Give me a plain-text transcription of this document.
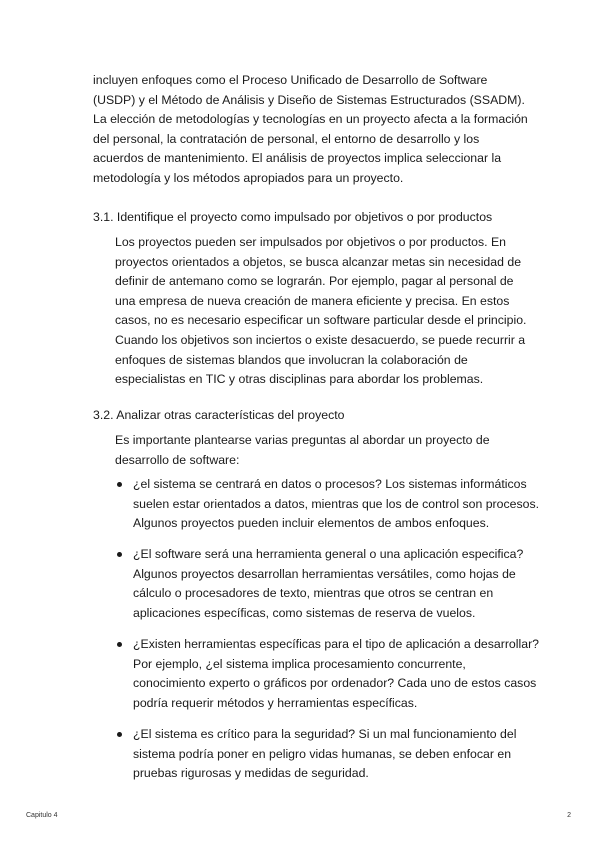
incluyen enfoques como el Proceso Unificado de Desarrollo de Software (USDP) y el Método de Análisis y Diseño de Sistemas Estructurados (SSADM). La elección de metodologías y tecnologías en un proyecto afecta a la formación del personal, la contratación de personal, el entorno de desarrollo y los acuerdos de mantenimiento. El análisis de proyectos implica seleccionar la metodología y los métodos apropiados para un proyecto.

3.1. Identifique el proyecto como impulsado por objetivos o por productos

Los proyectos pueden ser impulsados por objetivos o por productos. En proyectos orientados a objetos, se busca alcanzar metas sin necesidad de definir de antemano como se lograrán. Por ejemplo, pagar al personal de una empresa de nueva creación de manera eficiente y precisa. En estos casos, no es necesario especificar un software particular desde el principio. Cuando los objetivos son inciertos o existe desacuerdo, se puede recurrir a enfoques de sistemas blandos que involucran la colaboración de especialistas en TIC y otras disciplinas para abordar los problemas.

3.2. Analizar otras características del proyecto

Es importante plantearse varias preguntas al abordar un proyecto de desarrollo de software:

¿el sistema se centrará en datos o procesos? Los sistemas informáticos suelen estar orientados a datos, mientras que los de control son procesos. Algunos proyectos pueden incluir elementos de ambos enfoques.
¿El software será una herramienta general o una aplicación especifica? Algunos proyectos desarrollan herramientas versátiles, como hojas de cálculo o procesadores de texto, mientras que otros se centran en aplicaciones específicas, como sistemas de reserva de vuelos.
¿Existen herramientas específicas para el tipo de aplicación a desarrollar? Por ejemplo, ¿el sistema implica procesamiento concurrente, conocimiento experto o gráficos por ordenador? Cada uno de estos casos podría requerir métodos y herramientas específicas.
¿El sistema es crítico para la seguridad? Si un mal funcionamiento del sistema podría poner en peligro vidas humanas, se deben enfocar en pruebas rigurosas y medidas de seguridad.
Capitulo 4	2
